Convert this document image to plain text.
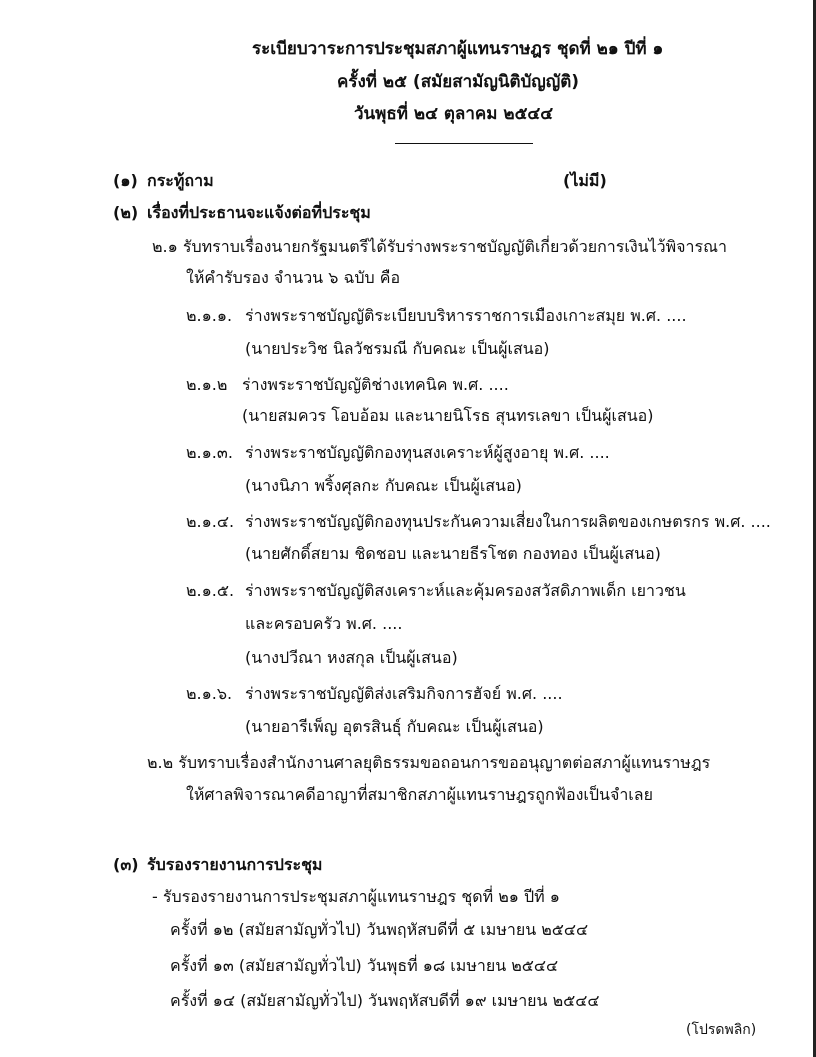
ระเบียบวาระการประชุมสภาผู้แทนราษฎร ชุดที่ ๒๑ ปีที่ ๑
ครั้งที่ ๒๕ (สมัยสามัญนิติบัญญัติ)
วันพุธที่ ๒๔ ตุลาคม ๒๕๔๔
(๑) กระทู้ถาม	(ไม่มี)
(๒) เรื่องที่ประธานจะแจ้งต่อที่ประชุม
๒.๑ รับทราบเรื่องนายกรัฐมนตรีได้รับร่างพระราชบัญญัติเกี่ยวด้วยการเงินไว้พิจารณา
ให้คำรับรอง จำนวน ๖ ฉบับ คือ
๒.๑.๑. ร่างพระราชบัญญัติระเบียบบริหารราชการเมืองเกาะสมุย พ.ศ. ....
(นายประวิช นิลวัชรมณี กับคณะ เป็นผู้เสนอ)
๒.๑.๒ ร่างพระราชบัญญัติช่างเทคนิค พ.ศ. ....
(นายสมควร โอบอ้อม และนายนิโรธ สุนทรเลขา เป็นผู้เสนอ)
๒.๑.๓. ร่างพระราชบัญญัติกองทุนสงเคราะห์ผู้สูงอายุ พ.ศ. ....
(นางนิภา พริ้งศุลกะ กับคณะ เป็นผู้เสนอ)
๒.๑.๔. ร่างพระราชบัญญัติกองทุนประกันความเสี่ยงในการผลิตของเกษตรกร พ.ศ. ....
(นายศักดิ์สยาม ชิดชอบ และนายธีรโชต กองทอง เป็นผู้เสนอ)
๒.๑.๕. ร่างพระราชบัญญัติสงเคราะห์และคุ้มครองสวัสดิภาพเด็ก เยาวชน
และครอบครัว พ.ศ. ....
(นางปวีณา หงสกุล เป็นผู้เสนอ)
๒.๑.๖. ร่างพระราชบัญญัติส่งเสริมกิจการฮัจย์ พ.ศ. ....
(นายอารีเพ็ญ อุตรสินธุ์ กับคณะ เป็นผู้เสนอ)
๒.๒ รับทราบเรื่องสำนักงานศาลยุติธรรมขอถอนการขออนุญาตต่อสภาผู้แทนราษฎร
ให้ศาลพิจารณาคดีอาญาที่สมาชิกสภาผู้แทนราษฎรถูกฟ้องเป็นจำเลย
(๓) รับรองรายงานการประชุม
- รับรองรายงานการประชุมสภาผู้แทนราษฎร ชุดที่ ๒๑ ปีที่ ๑
ครั้งที่ ๑๒ (สมัยสามัญทั่วไป) วันพฤหัสบดีที่ ๕ เมษายน ๒๕๔๔
ครั้งที่ ๑๓ (สมัยสามัญทั่วไป) วันพุธที่ ๑๘ เมษายน ๒๕๔๔
ครั้งที่ ๑๔ (สมัยสามัญทั่วไป) วันพฤหัสบดีที่ ๑๙ เมษายน ๒๕๔๔
(โปรดพลิก)
